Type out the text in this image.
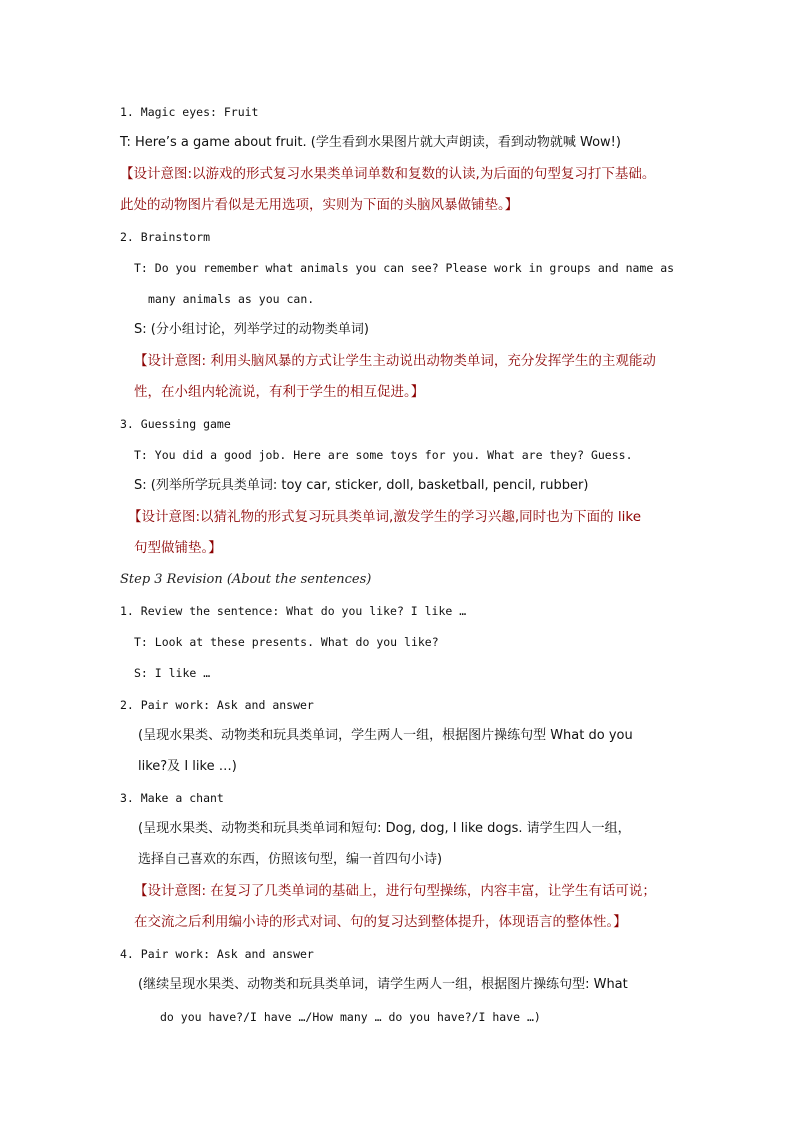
1. Magic eyes: Fruit
T: Here’s a game about fruit. (学生看到水果图片就大声朗读，看到动物就喊 Wow!)
【设计意图:以游戏的形式复习水果类单词单数和复数的认读,为后面的句型复习打下基础。
此处的动物图片看似是无用选项，实则为下面的头脑风暴做铺垫。】
2. Brainstorm
T: Do you remember what animals you can see? Please work in groups and name as
many animals as you can.
S: (分小组讨论，列举学过的动物类单词)
【设计意图: 利用头脑风暴的方式让学生主动说出动物类单词，充分发挥学生的主观能动
性，在小组内轮流说，有利于学生的相互促进。】
3. Guessing game
T: You did a good job. Here are some toys for you. What are they? Guess.
S: (列举所学玩具类单词: toy car, sticker, doll, basketball, pencil, rubber)
【设计意图:以猜礼物的形式复习玩具类单词,激发学生的学习兴趣,同时也为下面的 like
句型做铺垫。】
Step 3 Revision (About the sentences)
1. Review the sentence: What do you like? I like …
T: Look at these presents. What do you like?
S: I like …
2. Pair work: Ask and answer
(呈现水果类、动物类和玩具类单词，学生两人一组，根据图片操练句型 What do you
like?及 I like …)
3. Make a chant
(呈现水果类、动物类和玩具类单词和短句: Dog, dog, I like dogs. 请学生四人一组，
选择自己喜欢的东西，仿照该句型，编一首四句小诗)
【设计意图: 在复习了几类单词的基础上，进行句型操练，内容丰富，让学生有话可说；
在交流之后利用编小诗的形式对词、句的复习达到整体提升，体现语言的整体性。】
4. Pair work: Ask and answer
(继续呈现水果类、动物类和玩具类单词，请学生两人一组，根据图片操练句型: What
do you have?/I have …/How many … do you have?/I have …)
